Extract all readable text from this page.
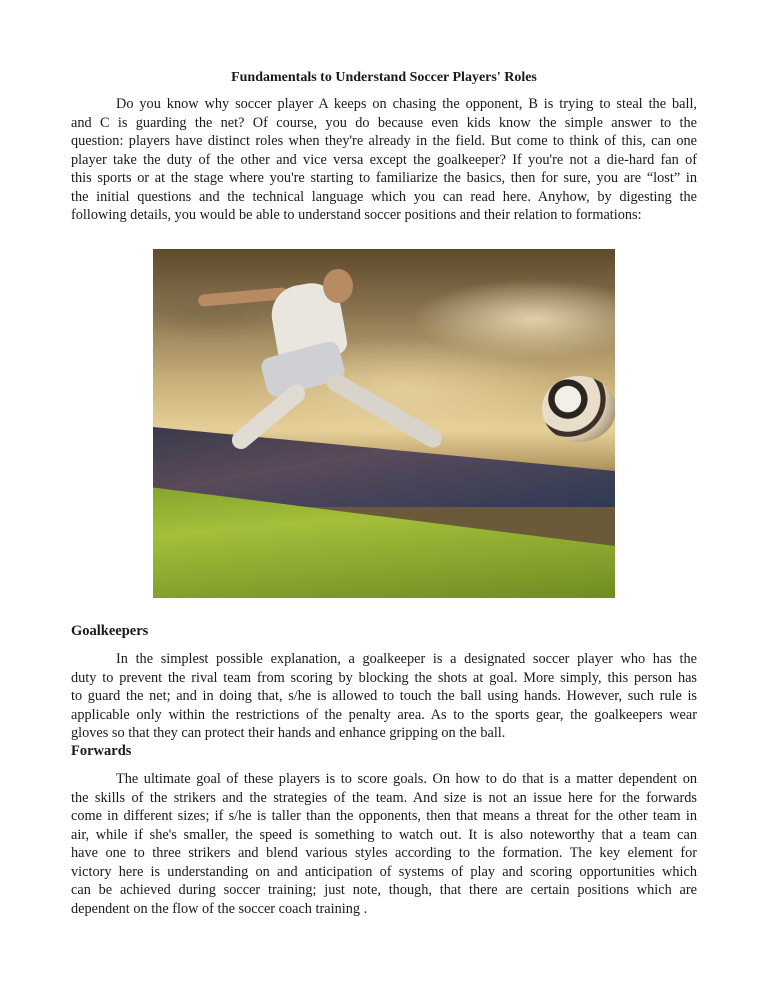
Fundamentals to Understand Soccer Players' Roles
Do you know why soccer player A keeps on chasing the opponent, B is trying to steal the ball,
and C is guarding the net? Of course, you do because even kids know the simple answer to the
question: players have distinct roles when they're already in the field. But come to think of this, can one
player take the duty of the other and vice versa except the goalkeeper? If you're not a die-hard fan of
this sports or at the stage where you're starting to familiarize the basics, then for sure, you are “lost” in
the initial questions and the technical language which you can read here. Anyhow, by digesting the
following details, you would be able to understand soccer positions and their relation to formations:
Goalkeepers
In the simplest possible explanation, a goalkeeper is a designated soccer player who has the
duty to prevent the rival team from scoring by blocking the shots at goal. More simply, this person has
to guard the net; and in doing that, s/he is allowed to touch the ball using hands. However, such rule is
applicable only within the restrictions of the penalty area. As to the sports gear, the goalkeepers wear
gloves so that they can protect their hands and enhance gripping on the ball.
Forwards
The ultimate goal of these players is to score goals. On how to do that is a matter dependent on
the skills of the strikers and the strategies of the team. And size is not an issue here for the forwards
come in different sizes; if s/he is taller than the opponents, then that means a threat for the other team in
air, while if she's smaller, the speed is something to watch out. It is also noteworthy that a team can
have one to three strikers and blend various styles according to the formation. The key element for
victory here is understanding on and anticipation of systems of play and scoring opportunities which
can be achieved during soccer training; just note, though, that there are certain positions which are
dependent on the flow of the soccer coach training .
